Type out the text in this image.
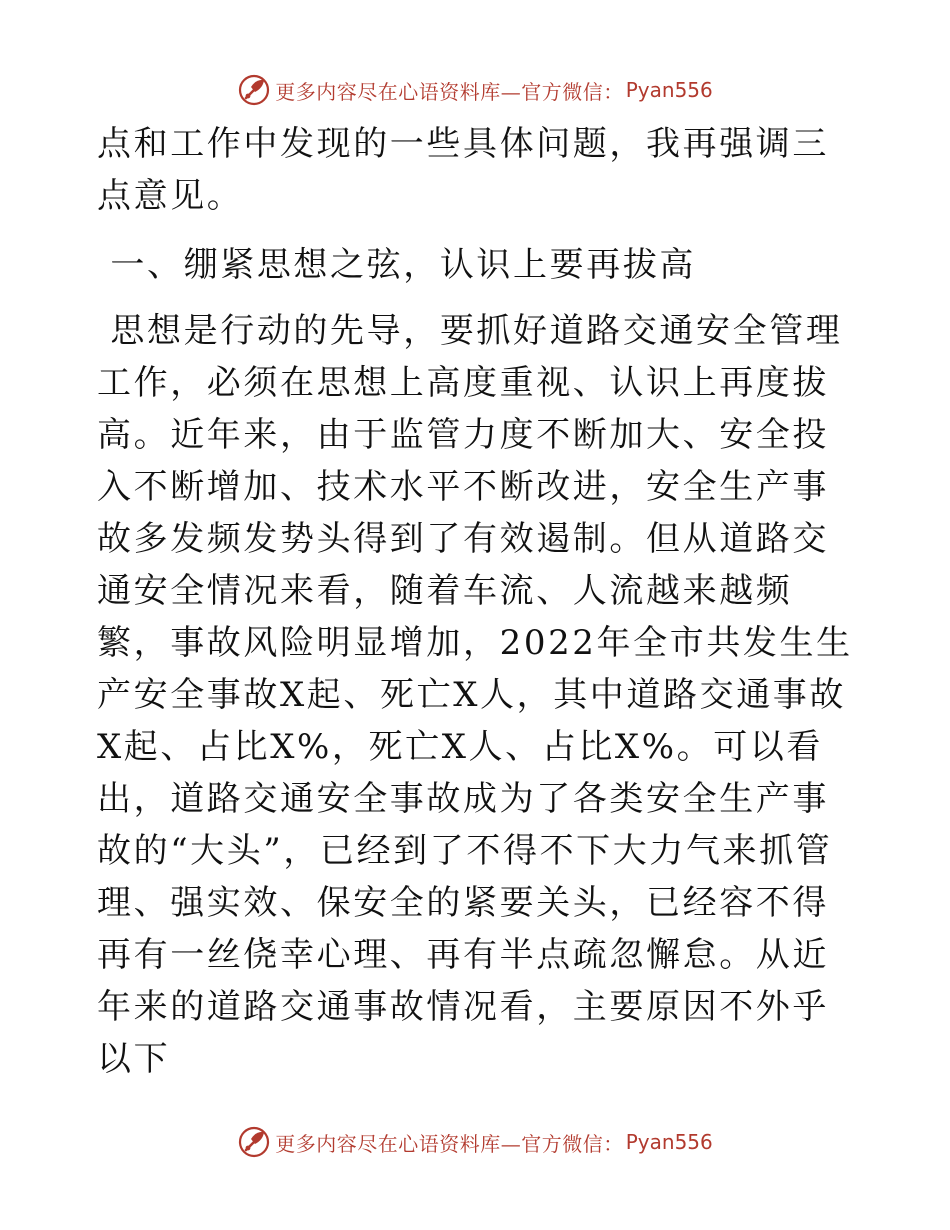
更多内容尽在心语资料库—官方微信： Pyan556

点和工作中发现的一些具体问题，我再强调三点意见。

一、绷紧思想之弦，认识上要再拔高

思想是行动的先导，要抓好道路交通安全管理工作，必须在思想上高度重视、认识上再度拔高。近年来，由于监管力度不断加大、安全投入不断增加、技术水平不断改进，安全生产事故多发频发势头得到了有效遏制。但从道路交通安全情况来看，随着车流、人流越来越频繁，事故风险明显增加，2022年全市共发生生产安全事故X起、死亡X人，其中道路交通事故X起、占比X%，死亡X人、占比X%。可以看出，道路交通安全事故成为了各类安全生产事故的“大头”，已经到了不得不下大力气来抓管理、强实效、保安全的紧要关头，已经容不得再有一丝侥幸心理、再有半点疏忽懈怠。从近年来的道路交通事故情况看，主要原因不外乎以下

更多内容尽在心语资料库—官方微信： Pyan556
